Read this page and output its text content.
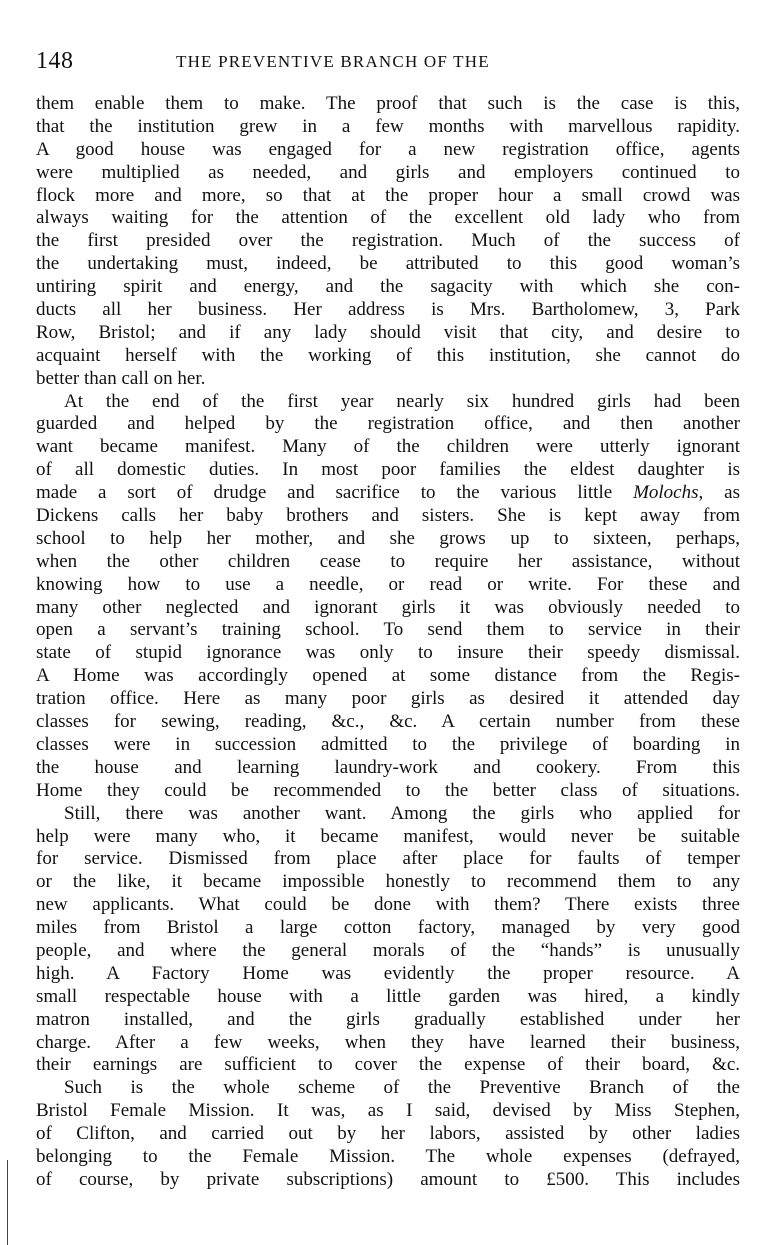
148	THE PREVENTIVE BRANCH OF THE
them enable them to make. The proof that such is the case is this,
that the institution grew in a few months with marvellous rapidity.
A good house was engaged for a new registration office, agents
were multiplied as needed, and girls and employers continued to
flock more and more, so that at the proper hour a small crowd was
always waiting for the attention of the excellent old lady who from
the first presided over the registration. Much of the success of
the undertaking must, indeed, be attributed to this good woman’s
untiring spirit and energy, and the sagacity with which she con-
ducts all her business. Her address is Mrs. Bartholomew, 3, Park
Row, Bristol; and if any lady should visit that city, and desire to
acquaint herself with the working of this institution, she cannot do
better than call on her.
At the end of the first year nearly six hundred girls had been
guarded and helped by the registration office, and then another
want became manifest. Many of the children were utterly ignorant
of all domestic duties. In most poor families the eldest daughter is
made a sort of drudge and sacrifice to the various little Molochs, as
Dickens calls her baby brothers and sisters. She is kept away from
school to help her mother, and she grows up to sixteen, perhaps,
when the other children cease to require her assistance, without
knowing how to use a needle, or read or write. For these and
many other neglected and ignorant girls it was obviously needed to
open a servant’s training school. To send them to service in their
state of stupid ignorance was only to insure their speedy dismissal.
A Home was accordingly opened at some distance from the Regis-
tration office. Here as many poor girls as desired it attended day
classes for sewing, reading, &c., &c. A certain number from these
classes were in succession admitted to the privilege of boarding in
the house and learning laundry-work and cookery. From this
Home they could be recommended to the better class of situations.
Still, there was another want. Among the girls who applied for
help were many who, it became manifest, would never be suitable
for service. Dismissed from place after place for faults of temper
or the like, it became impossible honestly to recommend them to any
new applicants. What could be done with them? There exists three
miles from Bristol a large cotton factory, managed by very good
people, and where the general morals of the “hands” is unusually
high. A Factory Home was evidently the proper resource. A
small respectable house with a little garden was hired, a kindly
matron installed, and the girls gradually established under her
charge. After a few weeks, when they have learned their business,
their earnings are sufficient to cover the expense of their board, &c.
Such is the whole scheme of the Preventive Branch of the
Bristol Female Mission. It was, as I said, devised by Miss Stephen,
of Clifton, and carried out by her labors, assisted by other ladies
belonging to the Female Mission. The whole expenses (defrayed,
of course, by private subscriptions) amount to £500. This includes
